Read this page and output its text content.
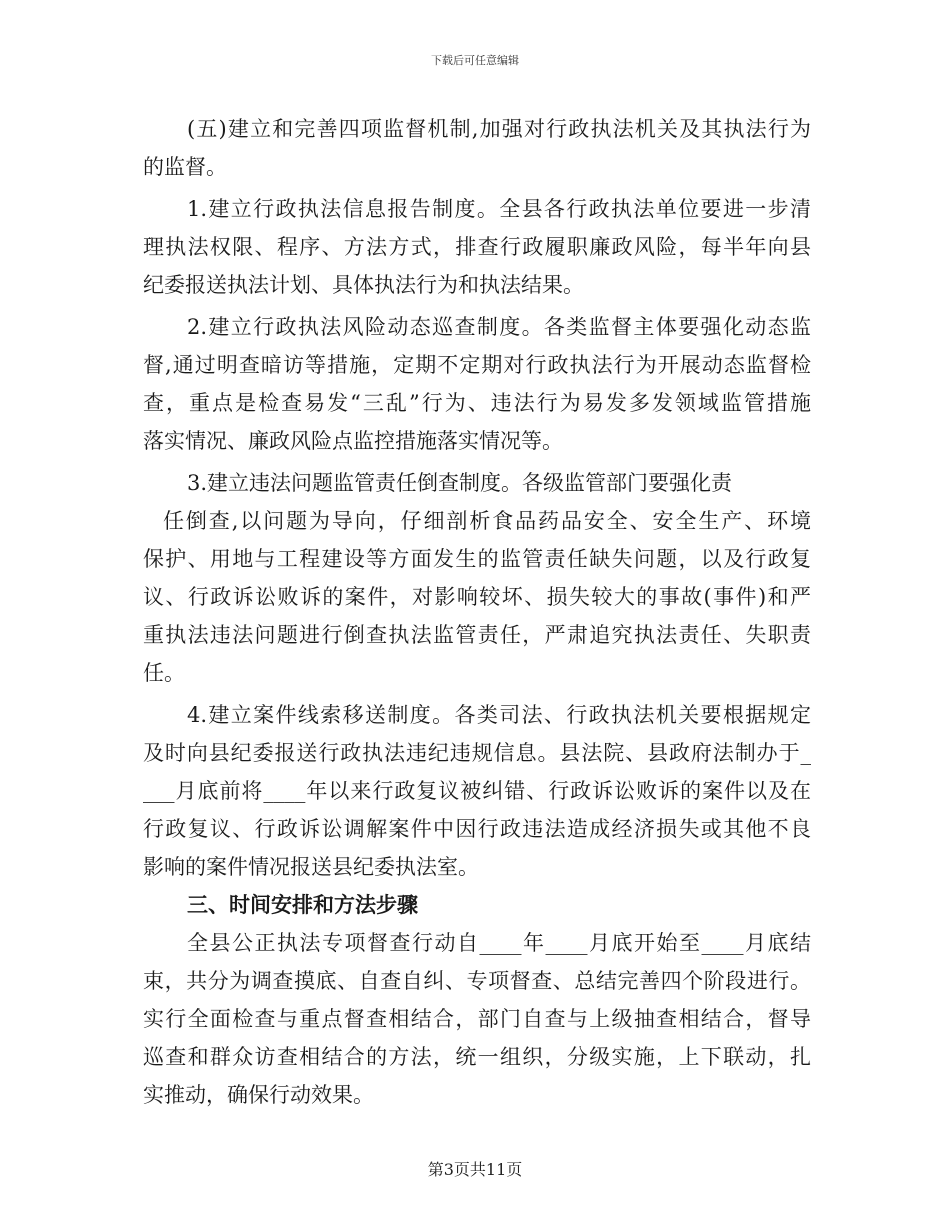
下载后可任意编辑
(五)建立和完善四项监督机制,加强对行政执法机关及其执法行为
的监督。
1.建立行政执法信息报告制度。全县各行政执法单位要进一步清
理执法权限、程序、方法方式，排查行政履职廉政风险，每半年向县
纪委报送执法计划、具体执法行为和执法结果。
2.建立行政执法风险动态巡查制度。各类监督主体要强化动态监
督,通过明查暗访等措施，定期不定期对行政执法行为开展动态监督检
查，重点是检查易发“三乱”行为、违法行为易发多发领域监管措施
落实情况、廉政风险点监控措施落实情况等。
3.建立违法问题监管责任倒查制度。各级监管部门要强化责
任倒查,以问题为导向，仔细剖析食品药品安全、安全生产、环境
保护、用地与工程建设等方面发生的监管责任缺失问题，以及行政复
议、行政诉讼败诉的案件，对影响较坏、损失较大的事故(事件)和严
重执法违法问题进行倒查执法监管责任，严肃追究执法责任、失职责
任。
4.建立案件线索移送制度。各类司法、行政执法机关要根据规定
及时向县纪委报送行政执法违纪违规信息。县法院、县政府法制办于_
___月底前将____年以来行政复议被纠错、行政诉讼败诉的案件以及在
行政复议、行政诉讼调解案件中因行政违法造成经济损失或其他不良
影响的案件情况报送县纪委执法室。
三、时间安排和方法步骤
全县公正执法专项督查行动自____年____月底开始至____月底结
束，共分为调查摸底、自查自纠、专项督查、总结完善四个阶段进行。
实行全面检查与重点督查相结合，部门自查与上级抽查相结合，督导
巡查和群众访查相结合的方法，统一组织，分级实施，上下联动，扎
实推动，确保行动效果。
第3页共11页
